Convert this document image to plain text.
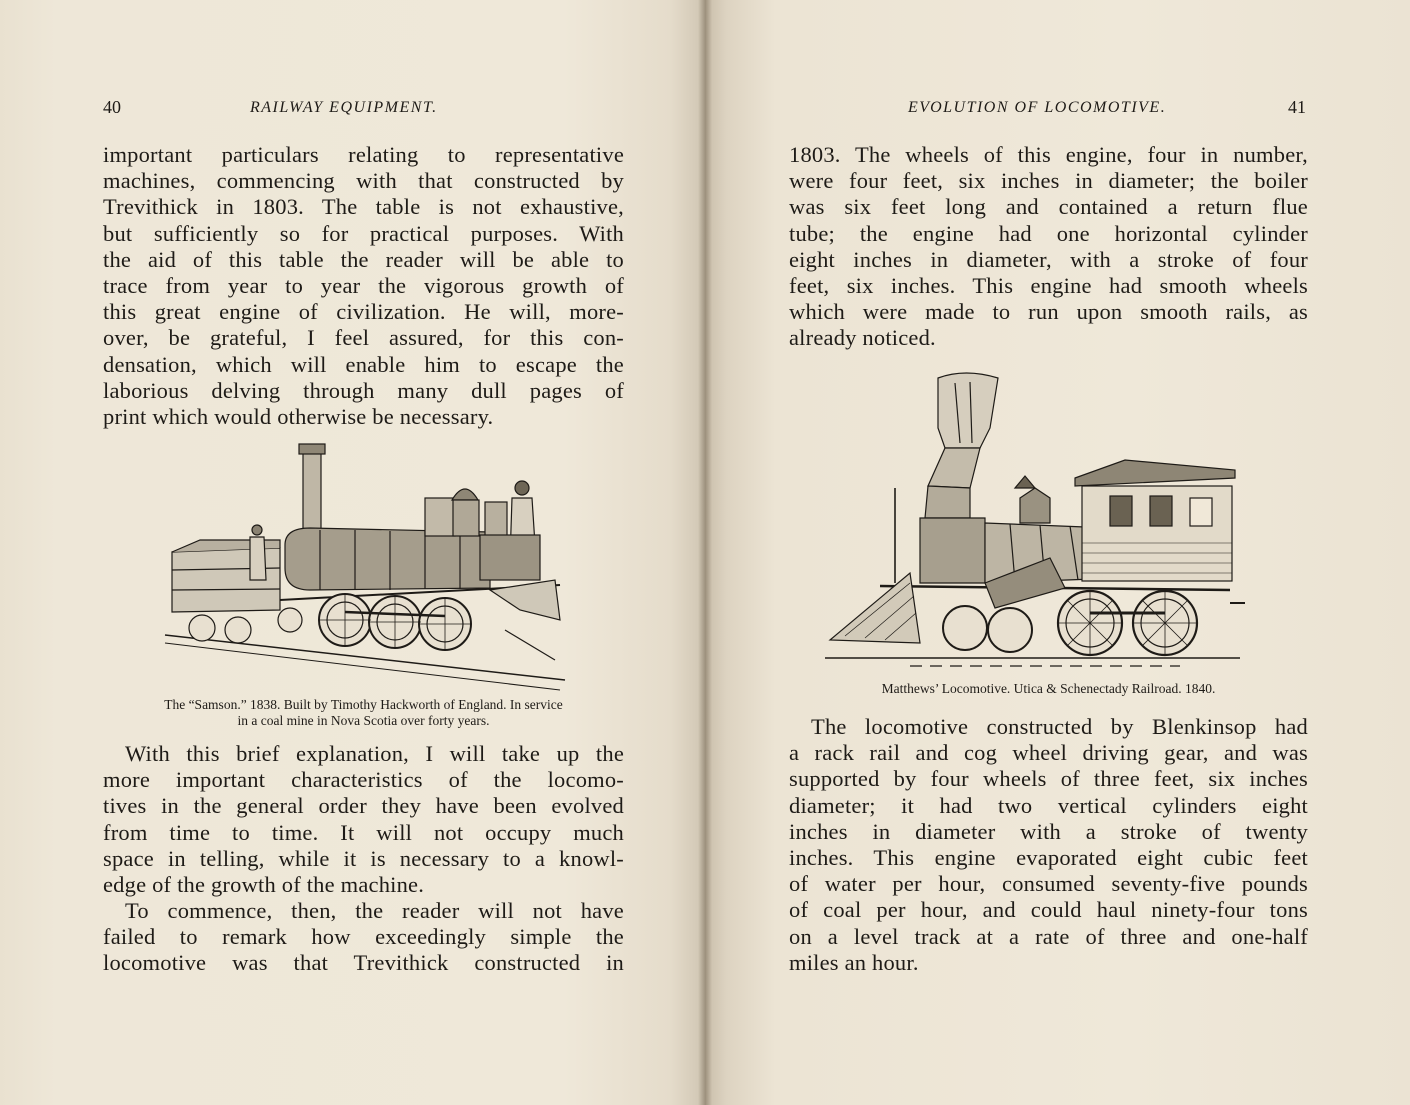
40	RAILWAY EQUIPMENT.
important particulars relating to representative
machines, commencing with that constructed by
Trevithick in 1803. The table is not exhaustive,
but sufficiently so for practical purposes. With
the aid of this table the reader will be able to
trace from year to year the vigorous growth of
this great engine of civilization. He will, more-
over, be grateful, I feel assured, for this con-
densation, which will enable him to escape the
laborious delving through many dull pages of
print which would otherwise be necessary.
The “Samson.” 1838. Built by Timothy Hackworth of England. In service
in a coal mine in Nova Scotia over forty years.
With this brief explanation, I will take up the
more important characteristics of the locomo-
tives in the general order they have been evolved
from time to time. It will not occupy much
space in telling, while it is necessary to a knowl-
edge of the growth of the machine.
To commence, then, the reader will not have
failed to remark how exceedingly simple the
locomotive was that Trevithick constructed in
EVOLUTION OF LOCOMOTIVE.	41
1803. The wheels of this engine, four in number,
were four feet, six inches in diameter; the boiler
was six feet long and contained a return flue
tube; the engine had one horizontal cylinder
eight inches in diameter, with a stroke of four
feet, six inches. This engine had smooth wheels
which were made to run upon smooth rails, as
already noticed.
Matthews’ Locomotive. Utica & Schenectady Railroad. 1840.
The locomotive constructed by Blenkinsop had
a rack rail and cog wheel driving gear, and was
supported by four wheels of three feet, six inches
diameter; it had two vertical cylinders eight
inches in diameter with a stroke of twenty
inches. This engine evaporated eight cubic feet
of water per hour, consumed seventy-five pounds
of coal per hour, and could haul ninety-four tons
on a level track at a rate of three and one-half
miles an hour.
